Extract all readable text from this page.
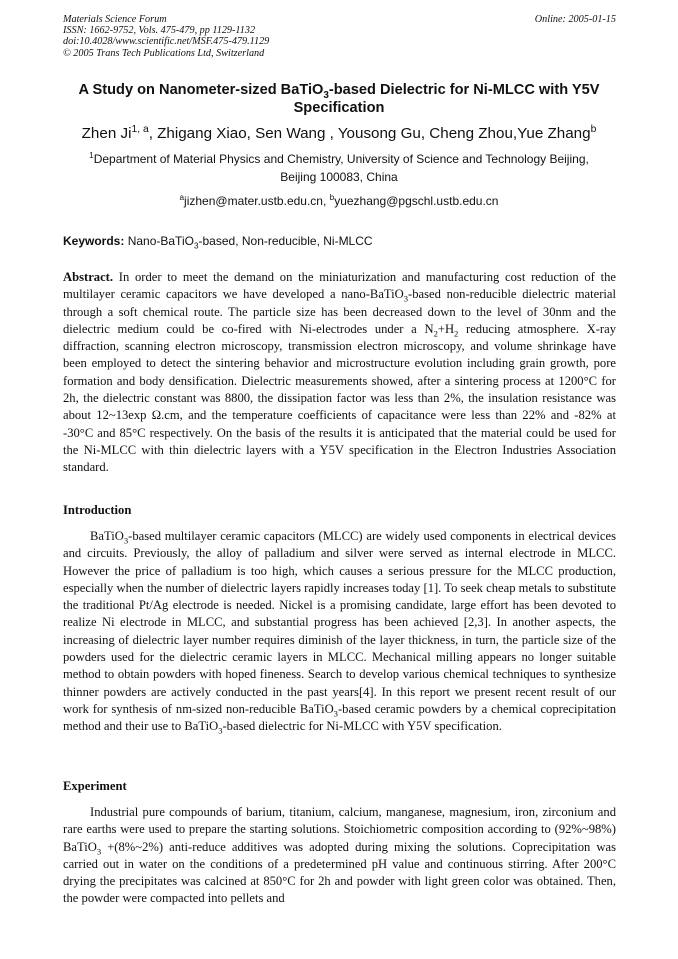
Materials Science Forum
ISSN: 1662-9752, Vols. 475-479, pp 1129-1132
doi:10.4028/www.scientific.net/MSF.475-479.1129
© 2005 Trans Tech Publications Ltd, Switzerland
Online: 2005-01-15
A Study on Nanometer-sized BaTiO$_3$-based Dielectric for Ni-MLCC with Y5V Specification
Zhen Ji$^{1, a}$, Zhigang Xiao, Sen Wang , Yousong Gu, Cheng Zhou,Yue Zhang$^b$
$^1$Department of Material Physics and Chemistry, University of Science and Technology Beijing, Beijing 100083, China
$^a$jizhen@mater.ustb.edu.cn, $^b$yuezhang@pgschl.ustb.edu.cn
Keywords: Nano-BaTiO$_3$-based, Non-reducible, Ni-MLCC
Abstract. In order to meet the demand on the miniaturization and manufacturing cost reduction of the multilayer ceramic capacitors we have developed a nano-BaTiO$_3$-based non-reducible dielectric material through a soft chemical route. The particle size has been decreased down to the level of 30nm and the dielectric medium could be co-fired with Ni-electrodes under a $N_2+H_2$ reducing atmosphere. X-ray diffraction, scanning electron microscopy, transmission electron microscopy, and volume shrinkage have been employed to detect the sintering behavior and microstructure evolution including grain growth, pore formation and body densification. Dielectric measurements showed, after a sintering process at 1200°C for 2h, the dielectric constant was 8800, the dissipation factor was less than 2%, the insulation resistance was about 12~13exp Ω.cm, and the temperature coefficients of capacitance were less than 22% and -82% at -30°C and 85°C respectively. On the basis of the results it is anticipated that the material could be used for the Ni-MLCC with thin dielectric layers with a Y5V specification in the Electron Industries Association standard.
Introduction
BaTiO$_3$-based multilayer ceramic capacitors (MLCC) are widely used components in electrical devices and circuits. Previously, the alloy of palladium and silver were served as internal electrode in MLCC. However the price of palladium is too high, which causes a serious pressure for the MLCC production, especially when the number of dielectric layers rapidly increases today [1]. To seek cheap metals to substitute the traditional Pt/Ag electrode is needed. Nickel is a promising candidate, large effort has been devoted to realize Ni electrode in MLCC, and substantial progress has been achieved [2,3]. In another aspects, the increasing of dielectric layer number requires diminish of the layer thickness, in turn, the particle size of the powders used for the dielectric ceramic layers in MLCC. Mechanical milling appears no longer suitable method to obtain powders with hoped fineness. Search to develop various chemical techniques to synthesize thinner powders are actively conducted in the past years[4]. In this report we present recent result of our work for synthesis of nm-sized non-reducible BaTiO$_3$-based ceramic powders by a chemical coprecipitation method and their use to BaTiO$_3$-based dielectric for Ni-MLCC with Y5V specification.
Experiment
Industrial pure compounds of barium, titanium, calcium, manganese, magnesium, iron, zirconium and rare earths were used to prepare the starting solutions. Stoichiometric composition according to (92%~98%) BaTiO$_3$ +(8%~2%) anti-reduce additives was adopted during mixing the solutions. Coprecipitation was carried out in water on the conditions of a predetermined pH value and continuous stirring. After 200°C drying the precipitates was calcined at 850°C for 2h and powder with light green color was obtained. Then, the powder were compacted into pellets and
